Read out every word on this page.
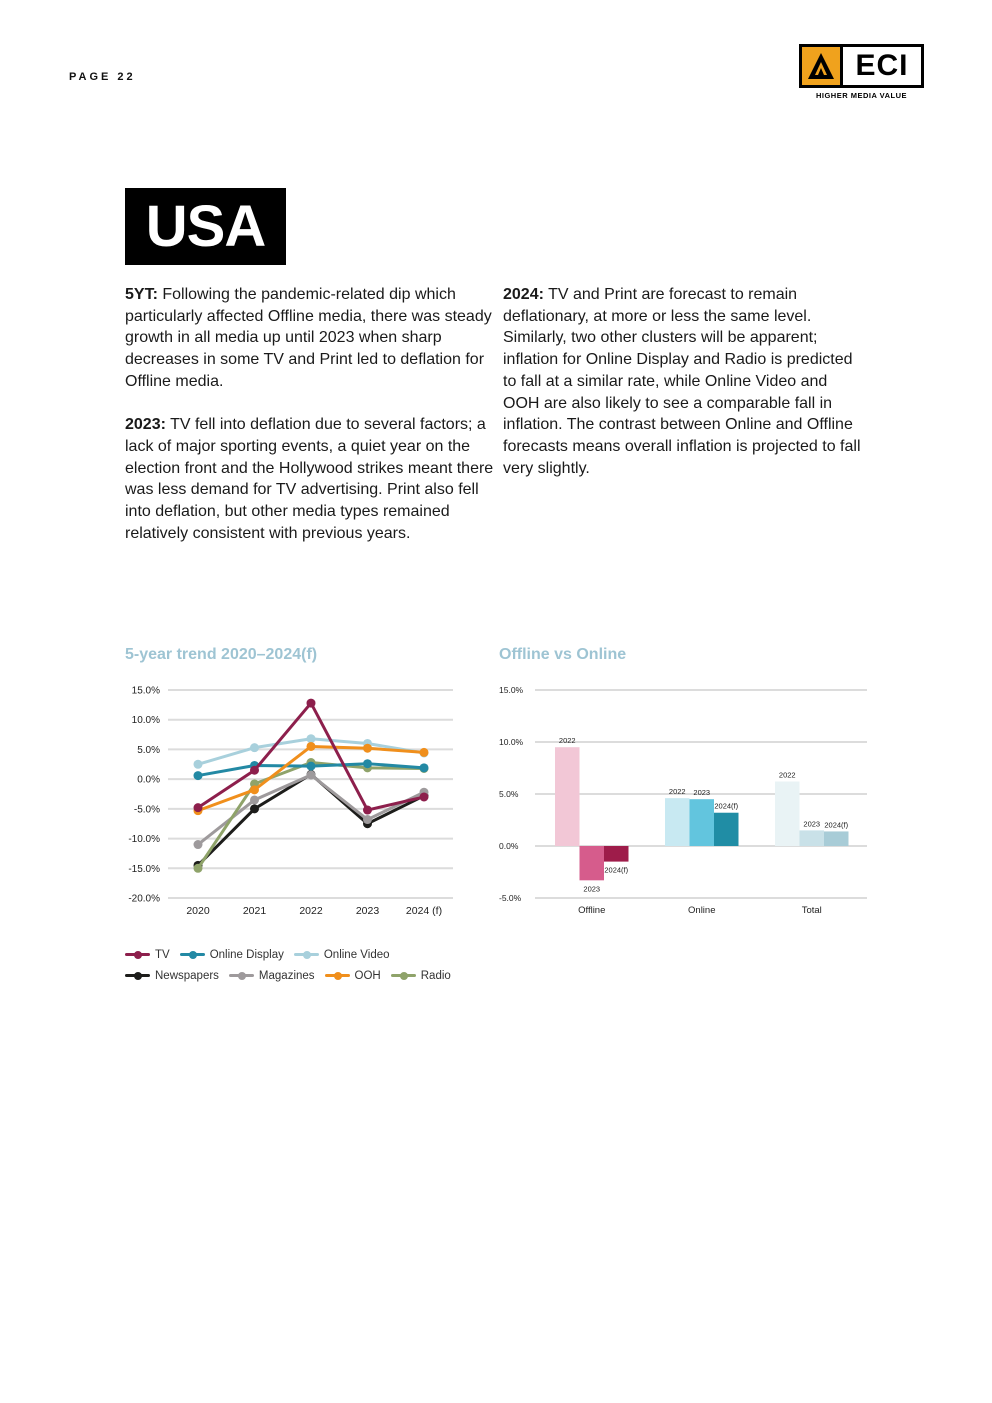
PAGE 22	ECI
HIGHER MEDIA VALUE
USA

5YT: Following the pandemic-related dip which particularly affected Offline media, there was steady growth in all media up until 2023 when sharp decreases in some TV and Print led to deflation for Offline media.

2023: TV fell into deflation due to several factors; a lack of major sporting events, a quiet year on the election front and the Hollywood strikes meant there was less demand for TV advertising. Print also fell into deflation, but other media types remained relatively consistent with previous years.

2024: TV and Print are forecast to remain deflationary, at more or less the same level. Similarly, two other clusters will be apparent; inflation for Online Display and Radio is predicted to fall at a similar rate, while Online Video and OOH are also likely to see a comparable fall in inflation. The contrast between Online and Offline forecasts means overall inflation is projected to fall very slightly.

5-year trend 2020–2024(f)	Offline vs Online
15.0%
10.0%
5.0%
0.0%
-5.0%
-10.0%
-15.0%
-20.0%
2020	2021	2022	2023	2024 (f)
15.0%
10.0%
5.0%
0.0%
-5.0%
Offline
2022
2023
2024(f)
Online
2022 2023
2024(f)
Total
2022
2023 2024(f)
TV	Online Display	Online Video
Newspapers	Magazines	OOH	Radio
